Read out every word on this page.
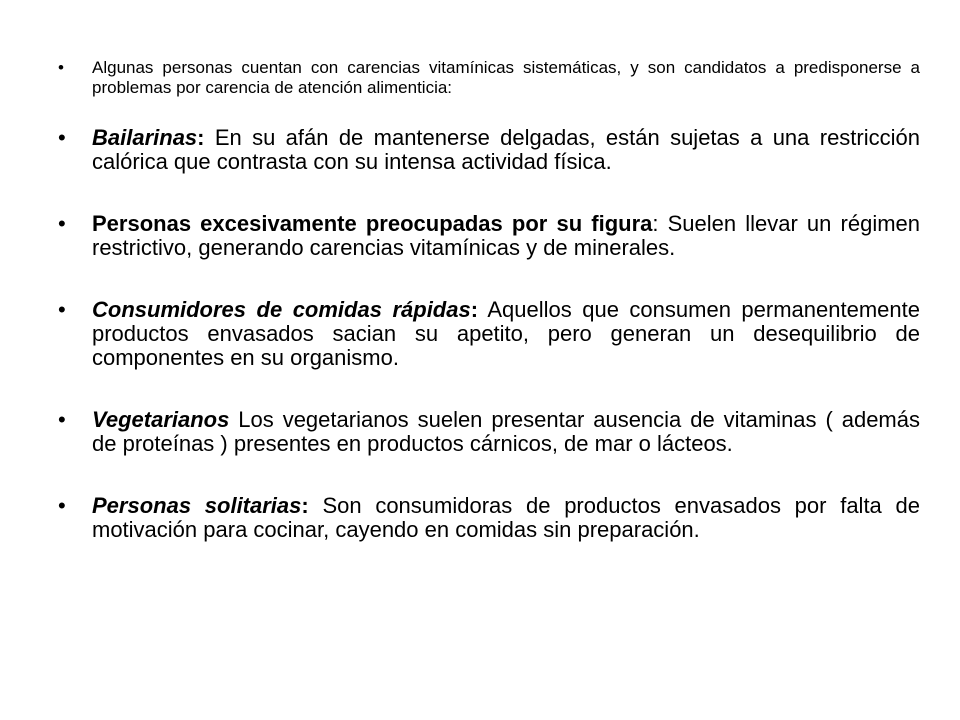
• Algunas personas cuentan con carencias vitamínicas sistemáticas, y son candidatos a predisponerse a problemas por carencia de atención alimenticia:
• Bailarinas: En su afán de mantenerse delgadas, están sujetas a una restricción calórica que contrasta con su intensa actividad física.
• Personas excesivamente preocupadas por su figura: Suelen llevar un régimen restrictivo, generando carencias vitamínicas y de minerales.
• Consumidores de comidas rápidas: Aquellos que consumen permanentemente productos envasados sacian su apetito, pero generan un desequilibrio de componentes en su organismo.
• Vegetarianos Los vegetarianos suelen presentar ausencia de vitaminas ( además de proteínas ) presentes en productos cárnicos, de mar o lácteos.
• Personas solitarias: Son consumidoras de productos envasados por falta de motivación para cocinar, cayendo en comidas sin preparación.
